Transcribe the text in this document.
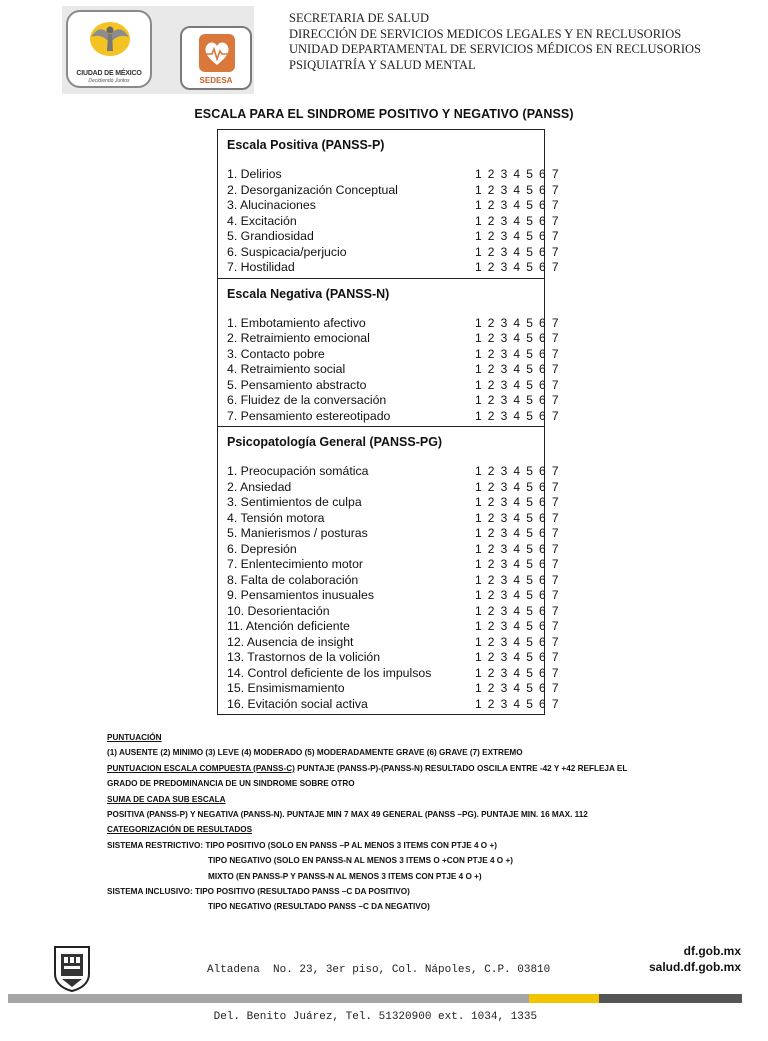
CIUDAD DE MÉXICO
Decidiendo Juntos	SEDESA
SECRETARIA DE SALUD
DIRECCIÓN DE SERVICIOS MEDICOS LEGALES Y EN RECLUSORIOS
UNIDAD DEPARTAMENTAL DE SERVICIOS MÉDICOS EN RECLUSORIOS
PSIQUIATRÍA Y SALUD MENTAL
ESCALA PARA EL SINDROME POSITIVO Y NEGATIVO (PANSS)
Escala Positiva (PANSS-P)
1. Delirios	1 2 3 4 5 6 7
2. Desorganización Conceptual	1 2 3 4 5 6 7
3. Alucinaciones	1 2 3 4 5 6 7
4. Excitación	1 2 3 4 5 6 7
5. Grandiosidad	1 2 3 4 5 6 7
6. Suspicacia/perjucio	1 2 3 4 5 6 7
7. Hostilidad	1 2 3 4 5 6 7
Escala Negativa (PANSS-N)
1. Embotamiento afectivo	1 2 3 4 5 6 7
2. Retraimiento emocional	1 2 3 4 5 6 7
3. Contacto pobre	1 2 3 4 5 6 7
4. Retraimiento social	1 2 3 4 5 6 7
5. Pensamiento abstracto	1 2 3 4 5 6 7
6. Fluidez de la conversación	1 2 3 4 5 6 7
7. Pensamiento estereotipado	1 2 3 4 5 6 7
Psicopatología General (PANSS-PG)
1. Preocupación somática	1 2 3 4 5 6 7
2. Ansiedad	1 2 3 4 5 6 7
3. Sentimientos de culpa	1 2 3 4 5 6 7
4. Tensión motora	1 2 3 4 5 6 7
5. Manierismos / posturas	1 2 3 4 5 6 7
6. Depresión	1 2 3 4 5 6 7
7. Enlentecimiento motor	1 2 3 4 5 6 7
8. Falta de colaboración	1 2 3 4 5 6 7
9. Pensamientos inusuales	1 2 3 4 5 6 7
10. Desorientación	1 2 3 4 5 6 7
11. Atención deficiente	1 2 3 4 5 6 7
12. Ausencia de insight	1 2 3 4 5 6 7
13. Trastornos de la volición	1 2 3 4 5 6 7
14. Control deficiente de los impulsos	1 2 3 4 5 6 7
15. Ensimismamiento	1 2 3 4 5 6 7
16. Evitación social activa	1 2 3 4 5 6 7
PUNTUACIÓN
(1) AUSENTE (2) MINIMO (3) LEVE (4) MODERADO (5) MODERADAMENTE GRAVE (6) GRAVE (7) EXTREMO
PUNTUACION ESCALA COMPUESTA (PANSS-C) PUNTAJE (PANSS-P)-(PANSS-N) RESULTADO OSCILA ENTRE -42 Y +42 REFLEJA EL
GRADO DE PREDOMINANCIA DE UN SINDROME SOBRE OTRO
SUMA DE CADA SUB ESCALA
POSITIVA (PANSS-P) Y NEGATIVA (PANSS-N). PUNTAJE MIN 7 MAX 49 GENERAL (PANSS –PG). PUNTAJE MIN. 16 MAX. 112
CATEGORIZACIÓN DE RESULTADOS
SISTEMA RESTRICTIVO: TIPO POSITIVO (SOLO EN PANSS –P AL MENOS 3 ITEMS CON PTJE 4 O +)
TIPO NEGATIVO (SOLO EN PANSS-N AL MENOS 3 ITEMS O +CON PTJE 4 O +)
MIXTO (EN PANSS-P Y PANSS-N AL MENOS 3 ITEMS CON PTJE 4 O +)
SISTEMA INCLUSIVO: TIPO POSITIVO (RESULTADO PANSS –C DA POSITIVO)
TIPO NEGATIVO (RESULTADO PANSS –C DA NEGATIVO)

Altadena  No. 23, 3er piso, Col. Nápoles, C.P. 03810

Del. Benito Juárez, Tel. 51320900 ext. 1034, 1335

df.gob.mx
salud.df.gob.mx
